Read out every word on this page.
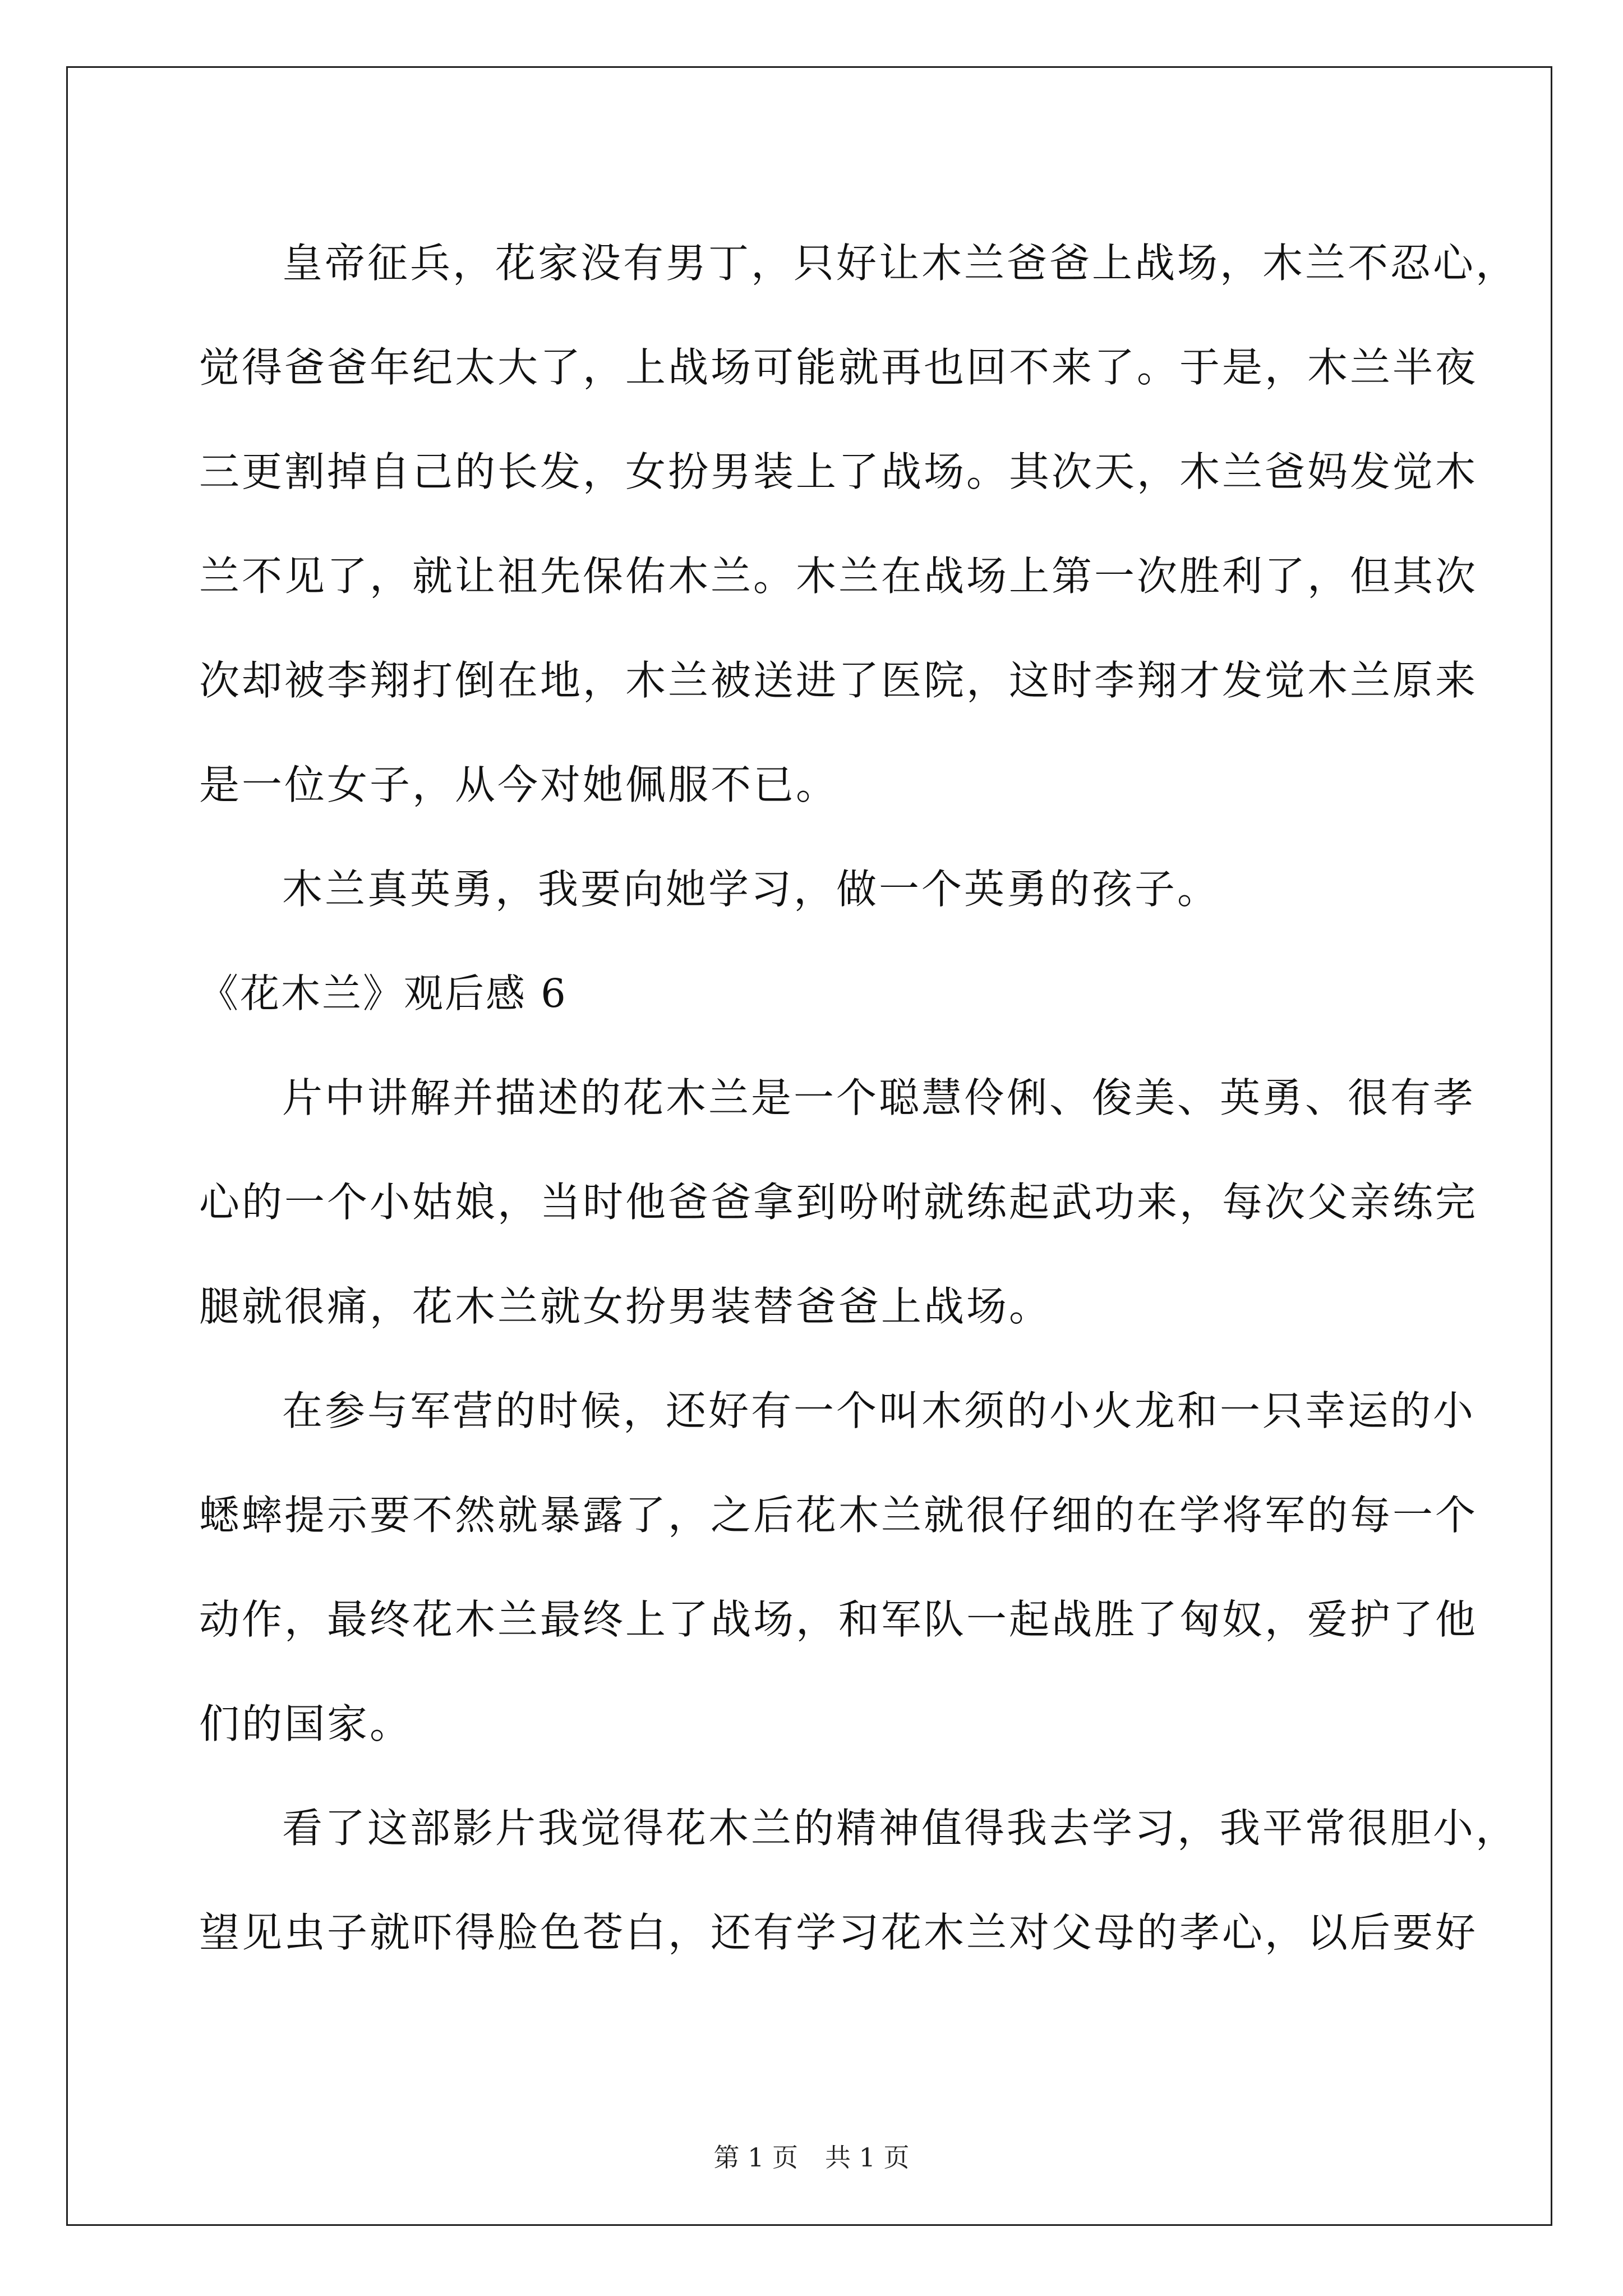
皇帝征兵，花家没有男丁，只好让木兰爸爸上战场，木兰不忍心，
觉得爸爸年纪太大了，上战场可能就再也回不来了。于是，木兰半夜
三更割掉自己的长发，女扮男装上了战场。其次天，木兰爸妈发觉木
兰不见了，就让祖先保佑木兰。木兰在战场上第一次胜利了，但其次
次却被李翔打倒在地，木兰被送进了医院，这时李翔才发觉木兰原来
是一位女子，从今对她佩服不已。
木兰真英勇，我要向她学习，做一个英勇的孩子。
《花木兰》观后感 6
片中讲解并描述的花木兰是一个聪慧伶俐、俊美、英勇、很有孝
心的一个小姑娘，当时他爸爸拿到吩咐就练起武功来，每次父亲练完
腿就很痛，花木兰就女扮男装替爸爸上战场。
在参与军营的时候，还好有一个叫木须的小火龙和一只幸运的小
蟋蟀提示要不然就暴露了，之后花木兰就很仔细的在学将军的每一个
动作，最终花木兰最终上了战场，和军队一起战胜了匈奴，爱护了他
们的国家。
看了这部影片我觉得花木兰的精神值得我去学习，我平常很胆小，
望见虫子就吓得脸色苍白，还有学习花木兰对父母的孝心，以后要好
第 1 页 共 1 页
